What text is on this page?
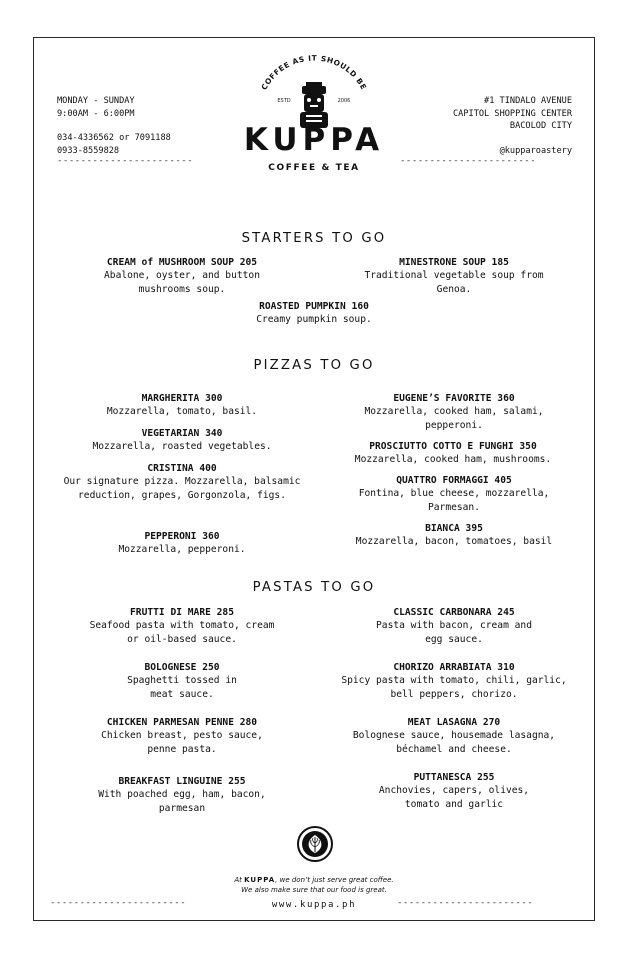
MONDAY - SUNDAY
9:00AM - 6:00PM
034-4336562 or 7091188
0933-8559828
-----------------------
#1 TINDALO AVENUE
CAPITOL SHOPPING CENTER
BACOLOD CITY
@kupparoastery
-----------------------
COFFEE AS IT SHOULD BE
ESTD	2006
KUPPA
COFFEE & TEA
STARTERS TO GO
CREAM of MUSHROOM SOUP 205
Abalone, oyster, and button mushrooms soup.
MINESTRONE SOUP 185
Traditional vegetable soup from Genoa.
ROASTED PUMPKIN 160
Creamy pumpkin soup.
PIZZAS TO GO
MARGHERITA 300
Mozzarella, tomato, basil.
VEGETARIAN 340
Mozzarella, roasted vegetables.
CRISTINA 400
Our signature pizza. Mozzarella, balsamic reduction, grapes, Gorgonzola, figs.
PEPPERONI 360
Mozzarella, pepperoni.
EUGENE’S FAVORITE 360
Mozzarella, cooked ham, salami, pepperoni.
PROSCIUTTO COTTO E FUNGHI 350
Mozzarella, cooked ham, mushrooms.
QUATTRO FORMAGGI 405
Fontina, blue cheese, mozzarella, Parmesan.
BIANCA 395
Mozzarella, bacon, tomatoes, basil
PASTAS TO GO
FRUTTI DI MARE 285
Seafood pasta with tomato, cream or oil-based sauce.
BOLOGNESE 250
Spaghetti tossed in meat sauce.
CHICKEN PARMESAN PENNE 280
Chicken breast, pesto sauce, penne pasta.
BREAKFAST LINGUINE 255
With poached egg, ham, bacon, parmesan
CLASSIC CARBONARA 245
Pasta with bacon, cream and egg sauce.
CHORIZO ARRABIATA 310
Spicy pasta with tomato, chili, garlic, bell peppers, chorizo.
MEAT LASAGNA 270
Bolognese sauce, housemade lasagna, béchamel and cheese.
PUTTANESCA 255
Anchovies, capers, olives, tomato and garlic
At KUPPA, we don’t just serve great coffee.
We also make sure that our food is great.
-----------------------	www.kuppa.ph	-----------------------
